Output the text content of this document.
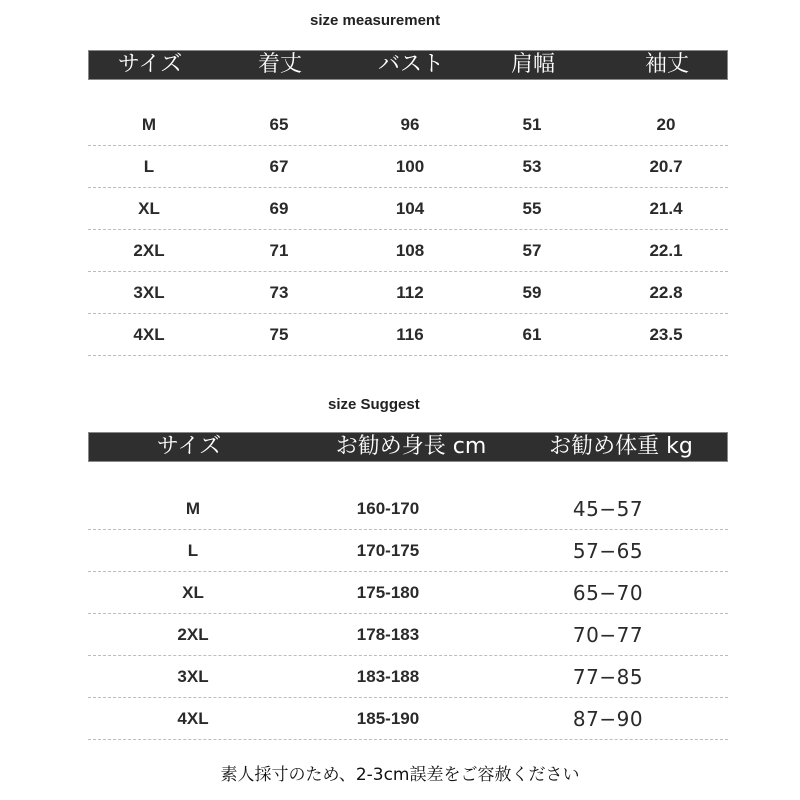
size measurement
サイズ	着丈	バスト	肩幅	袖丈
M	65	96	51	20
L	67	100	53	20.7
XL	69	104	55	21.4
2XL	71	108	57	22.1
3XL	73	112	59	22.8
4XL	75	116	61	23.5
size Suggest
サイズ	お勧め身長 cm	お勧め体重 kg
M	160-170	45−57
L	170-175	57−65
XL	175-180	65−70
2XL	178-183	70−77
3XL	183-188	77−85
4XL	185-190	87−90
素人採寸のため、2-3cm誤差をご容赦ください
